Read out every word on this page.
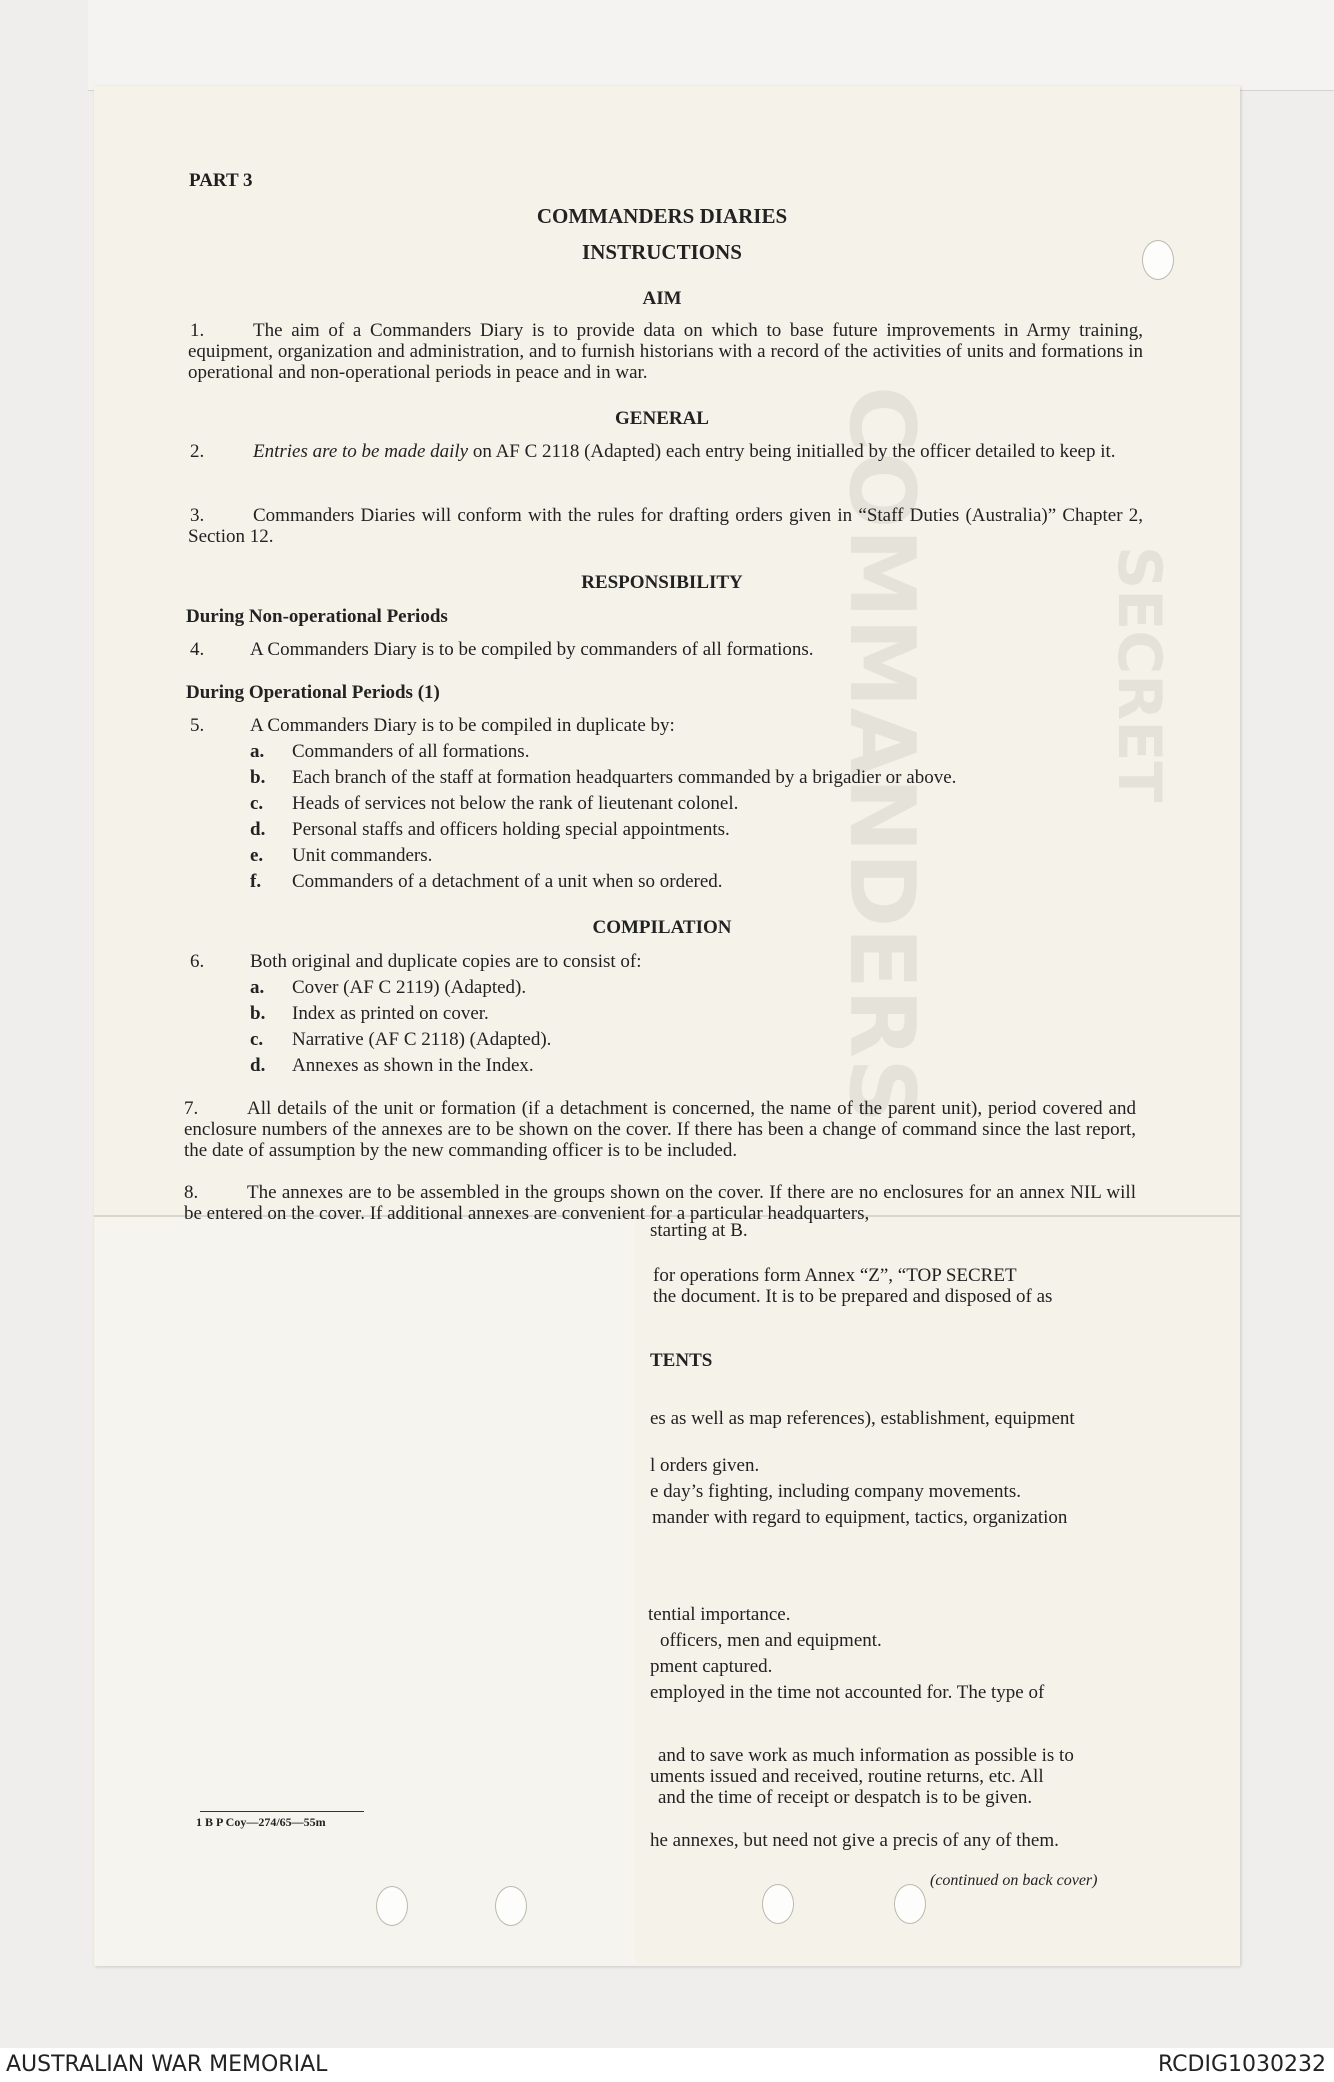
COMMANDERS	SECRET
PART 3
COMMANDERS DIARIES
INSTRUCTIONS
AIM
1.	The aim of a Commanders Diary is to provide data on which to base future improvements in Army training, equipment, organization and administration, and to furnish historians with a record of the activities of units and formations in operational and non-operational periods in peace and in war.
GENERAL
2.	Entries are to be made daily on AF C 2118 (Adapted) each entry being initialled by the officer detailed to keep it.
3.	Commanders Diaries will conform with the rules for drafting orders given in “Staff Duties (Australia)” Chapter 2, Section 12.
RESPONSIBILITY
During Non-operational Periods
4. A Commanders Diary is to be compiled by commanders of all formations.
During Operational Periods (1)
5. A Commanders Diary is to be compiled in duplicate by:
a. Commanders of all formations.
b. Each branch of the staff at formation headquarters commanded by a brigadier or above.
c. Heads of services not below the rank of lieutenant colonel.
d. Personal staffs and officers holding special appointments.
e. Unit commanders.
f. Commanders of a detachment of a unit when so ordered.
COMPILATION
6. Both original and duplicate copies are to consist of:
a. Cover (AF C 2119) (Adapted).
b. Index as printed on cover.
c. Narrative (AF C 2118) (Adapted).
d. Annexes as shown in the Index.
7.	All details of the unit or formation (if a detachment is concerned, the name of the parent unit), period covered and enclosure numbers of the annexes are to be shown on the cover. If there has been a change of command since the last report, the date of assumption by the new commanding officer is to be included.
8.	The annexes are to be assembled in the groups shown on the cover. If there are no enclosures for an annex NIL will be entered on the cover. If additional annexes are convenient for a particular headquarters,
starting at B.
for operations form Annex “Z”, “TOP SECRET
the document. It is to be prepared and disposed of as
TENTS
es as well as map references), establishment, equipment
l orders given.
e day’s fighting, including company movements.
mander with regard to equipment, tactics, organization
tential importance.
officers, men and equipment.
pment captured.
employed in the time not accounted for. The type of
and to save work as much information as possible is to
uments issued and received, routine returns, etc. All
and the time of receipt or despatch is to be given.
he annexes, but need not give a precis of any of them.
(continued on back cover)
1 B P Coy—274/65—55m
AUSTRALIAN WAR MEMORIAL	RCDIG1030232
